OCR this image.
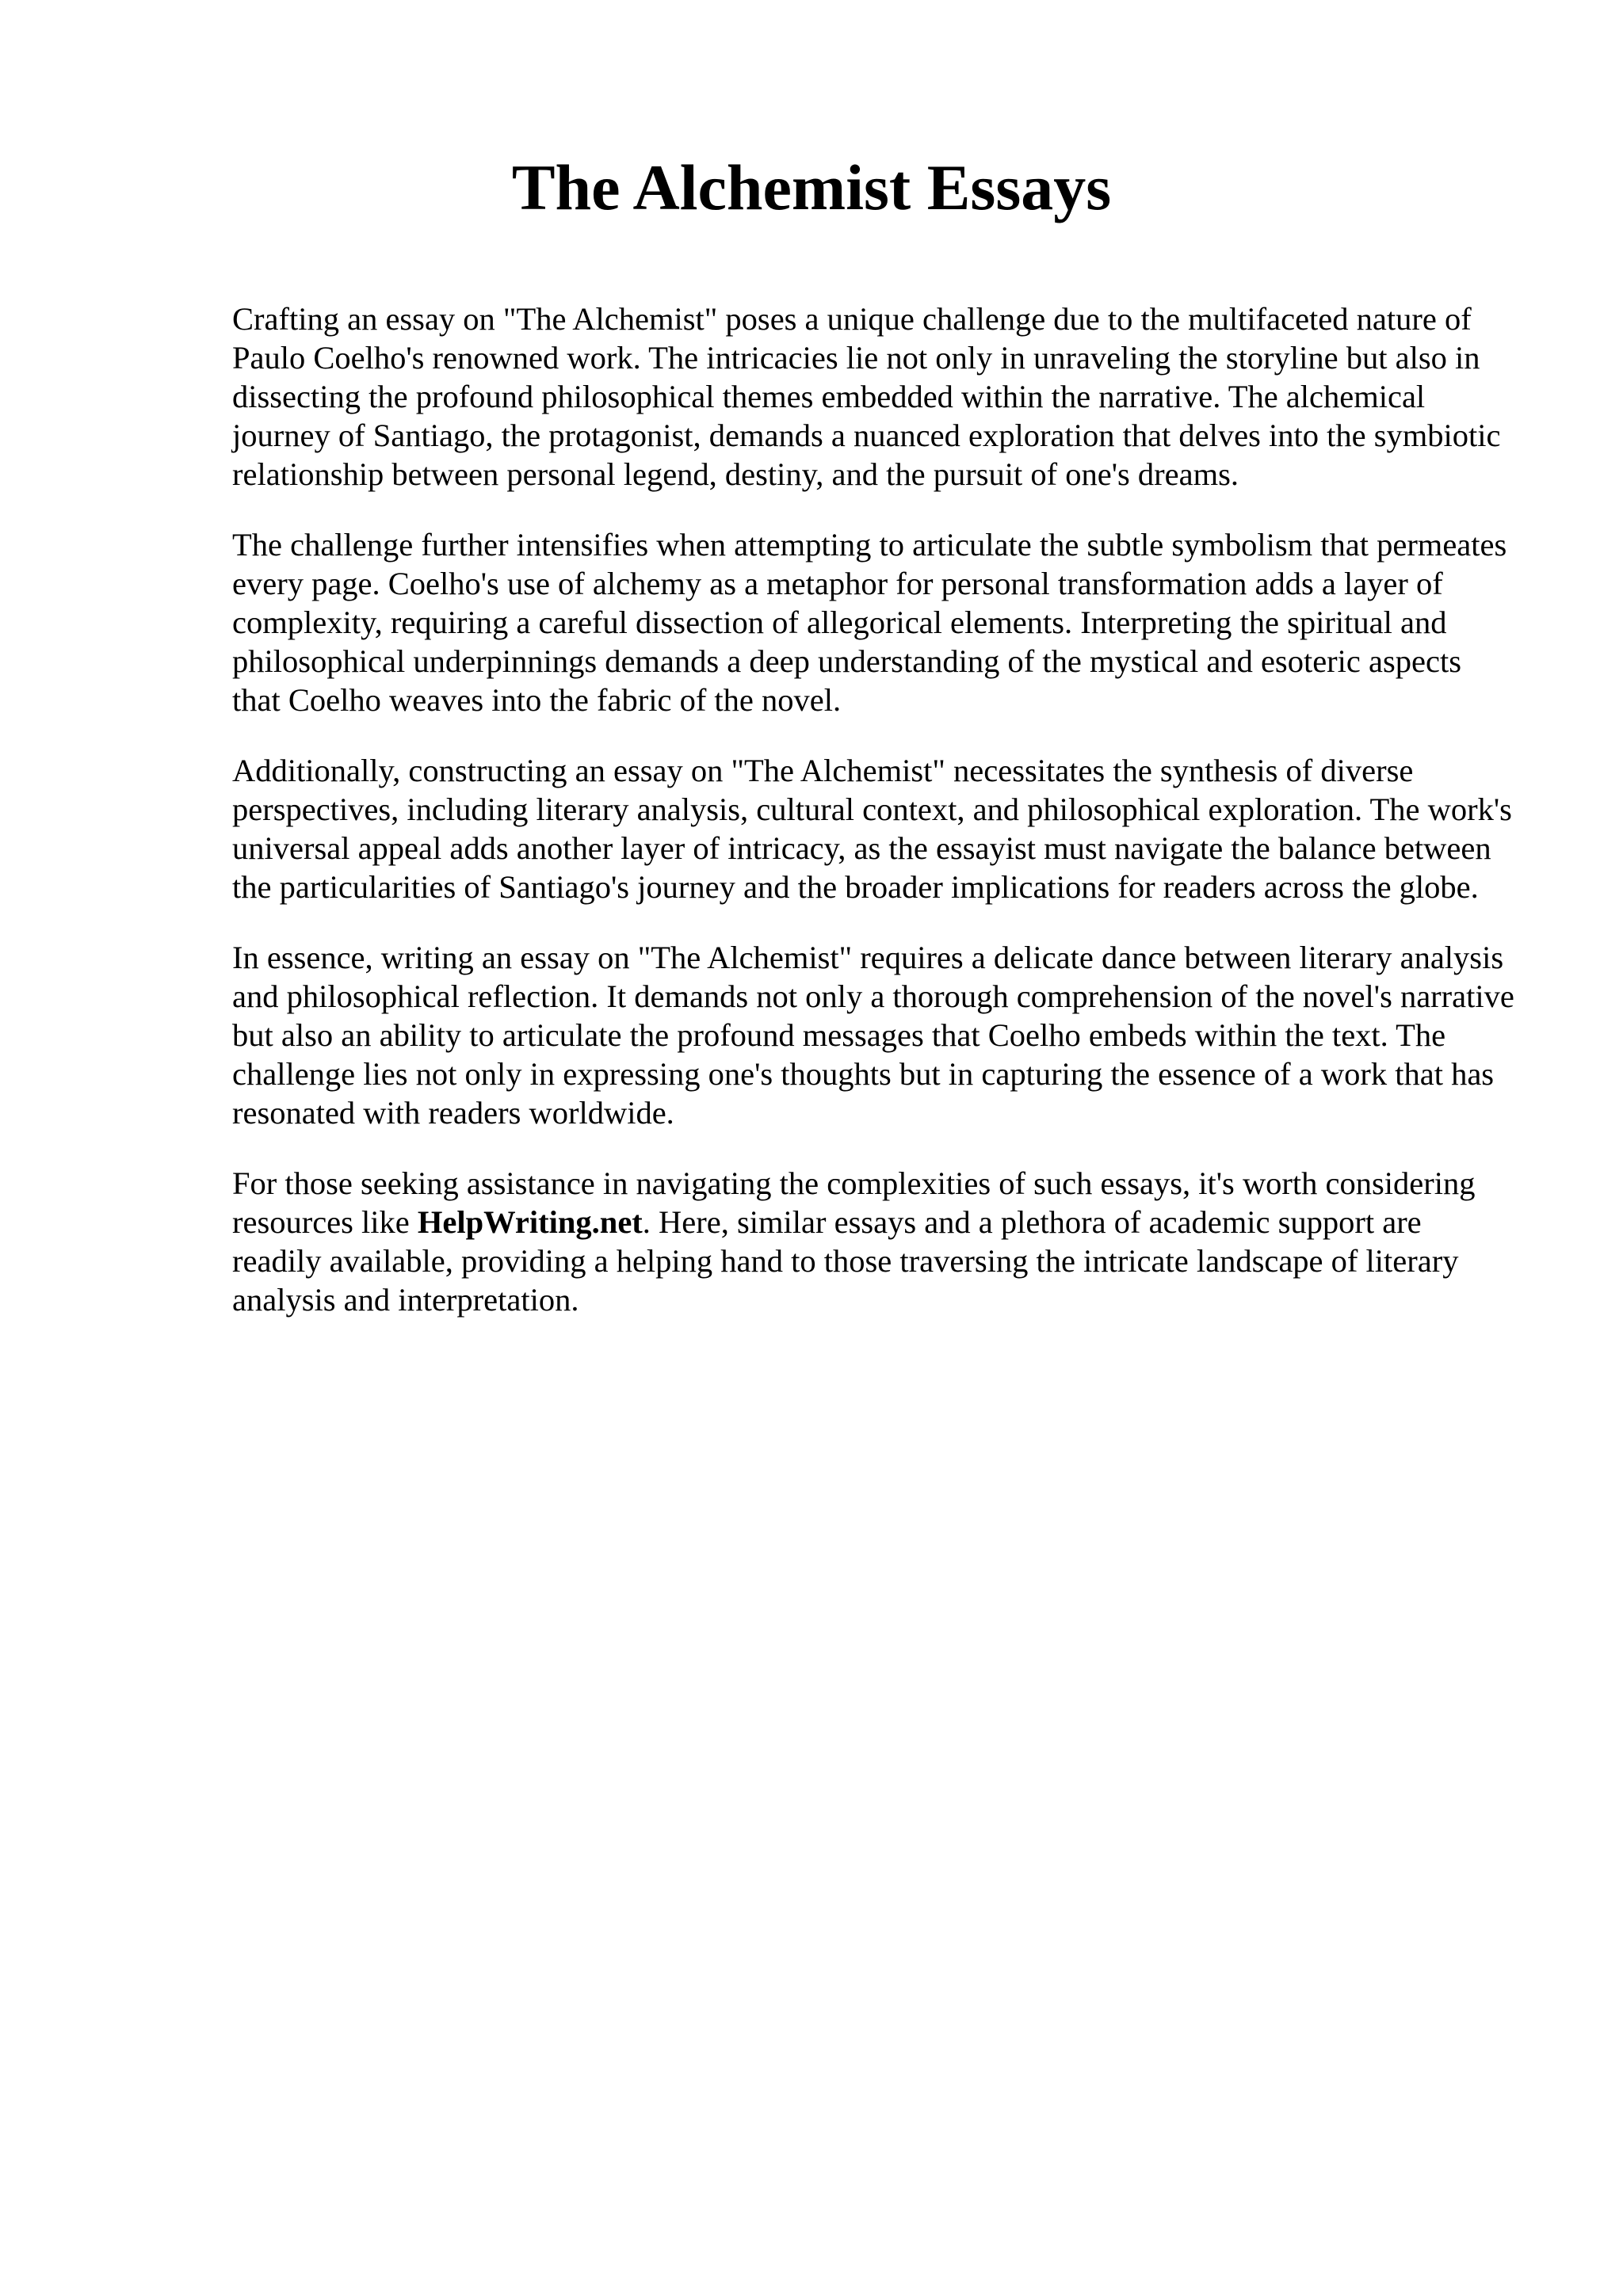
The Alchemist Essays

Crafting an essay on "The Alchemist" poses a unique challenge due to the multifaceted nature of Paulo Coelho's renowned work. The intricacies lie not only in unraveling the storyline but also in dissecting the profound philosophical themes embedded within the narrative. The alchemical journey of Santiago, the protagonist, demands a nuanced exploration that delves into the symbiotic relationship between personal legend, destiny, and the pursuit of one's dreams.

The challenge further intensifies when attempting to articulate the subtle symbolism that permeates every page. Coelho's use of alchemy as a metaphor for personal transformation adds a layer of complexity, requiring a careful dissection of allegorical elements. Interpreting the spiritual and philosophical underpinnings demands a deep understanding of the mystical and esoteric aspects that Coelho weaves into the fabric of the novel.

Additionally, constructing an essay on "The Alchemist" necessitates the synthesis of diverse perspectives, including literary analysis, cultural context, and philosophical exploration. The work's universal appeal adds another layer of intricacy, as the essayist must navigate the balance between the particularities of Santiago's journey and the broader implications for readers across the globe.

In essence, writing an essay on "The Alchemist" requires a delicate dance between literary analysis and philosophical reflection. It demands not only a thorough comprehension of the novel's narrative but also an ability to articulate the profound messages that Coelho embeds within the text. The challenge lies not only in expressing one's thoughts but in capturing the essence of a work that has resonated with readers worldwide.

For those seeking assistance in navigating the complexities of such essays, it's worth considering resources like HelpWriting.net. Here, similar essays and a plethora of academic support are readily available, providing a helping hand to those traversing the intricate landscape of literary analysis and interpretation.
